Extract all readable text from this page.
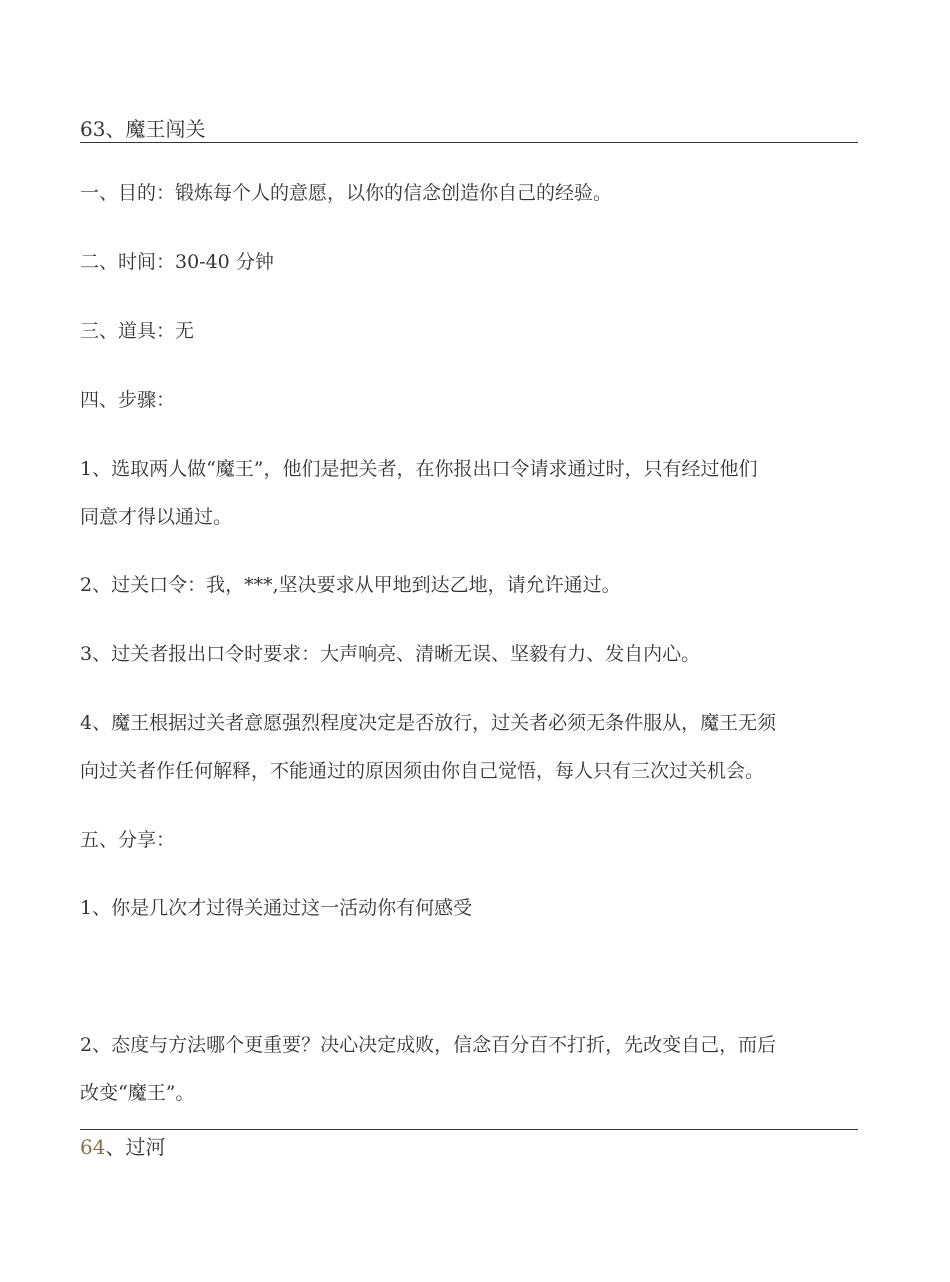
63、魔王闯关
一、目的：锻炼每个人的意愿，以你的信念创造你自己的经验。
二、时间：30-40 分钟
三、道具：无
四、步骤：
1、选取两人做“魔王”，他们是把关者，在你报出口令请求通过时，只有经过他们
同意才得以通过。
2、过关口令：我，***,坚决要求从甲地到达乙地，请允许通过。
3、过关者报出口令时要求：大声响亮、清晰无误、坚毅有力、发自内心。
4、魔王根据过关者意愿强烈程度决定是否放行，过关者必须无条件服从，魔王无须
向过关者作任何解释，不能通过的原因须由你自己觉悟，每人只有三次过关机会。
五、分享：
1、你是几次才过得关通过这一活动你有何感受
2、态度与方法哪个更重要？决心决定成败，信念百分百不打折，先改变自己，而后
改变“魔王”。
64、过河
